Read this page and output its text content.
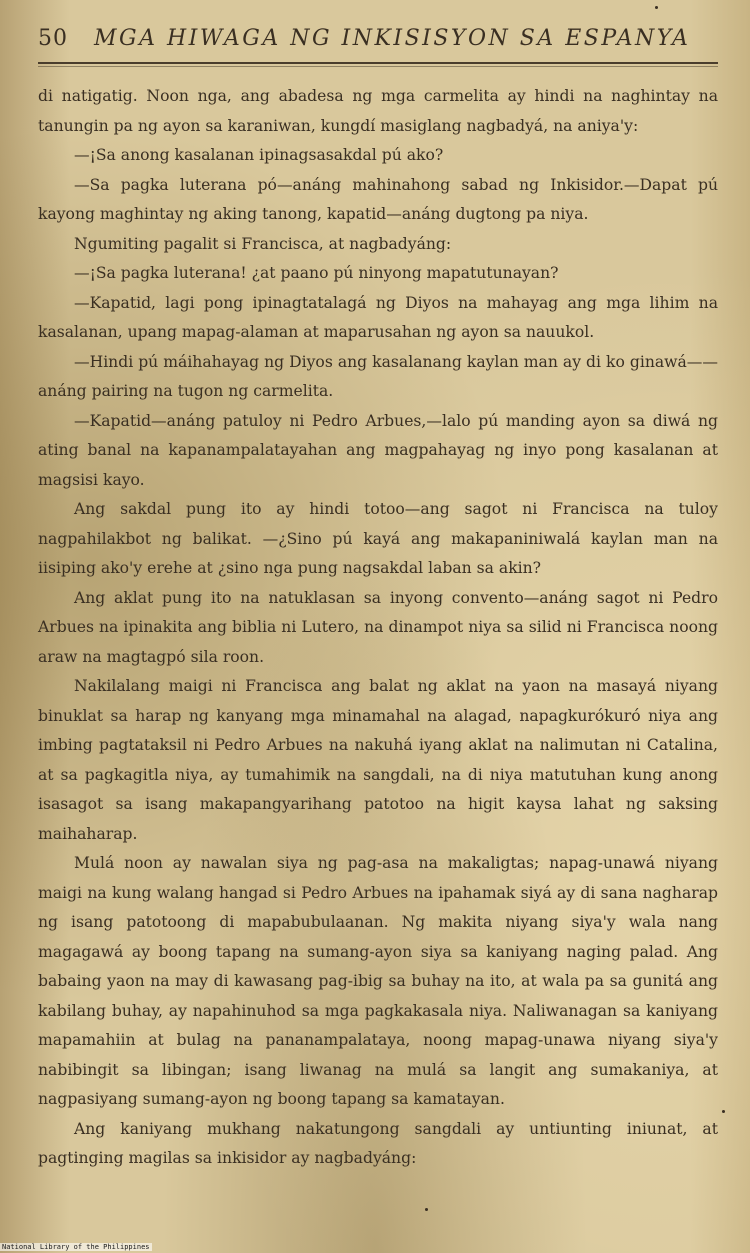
50 MGA HIWAGA NG INKISISYON SA ESPANYA

di natigatig. Noon nga, ang abadesa ng mga carmelita ay hindi na naghintay na tanungin pa ng ayon sa karaniwan, kungdí masiglang nagbadyá, na aniya'y:

—¡Sa anong kasalanan ipinagsasakdal pú ako?

—Sa pagka luterana pó—anáng mahinahong sabad ng Inkisidor.—Dapat pú kayong maghintay ng aking tanong, kapatid—anáng dugtong pa niya.

Ngumiting pagalit si Francisca, at nagbadyáng:

—¡Sa pagka luterana! ¿at paano pú ninyong mapatutunayan?

—Kapatid, lagi pong ipinagtatalagá ng Diyos na mahayag ang mga lihim na kasalanan, upang mapag-alaman at maparusahan ng ayon sa nauukol.

—Hindi pú máihahayag ng Diyos ang kasalanang kaylan man ay di ko ginawá——anáng pairing na tugon ng carmelita.

—Kapatid—anáng patuloy ni Pedro Arbues,—lalo pú manding ayon sa diwá ng ating banal na kapanampalatayahan ang magpahayag ng inyo pong kasalanan at magsisi kayo.

Ang sakdal pung ito ay hindi totoo—ang sagot ni Francisca na tuloy nagpahilakbot ng balikat. —¿Sino pú kayá ang makapaniniwalá kaylan man na iisiping ako'y erehe at ¿sino nga pung nagsakdal laban sa akin?

Ang aklat pung ito na natuklasan sa inyong convento—anáng sagot ni Pedro Arbues na ipinakita ang biblia ni Lutero, na dinampot niya sa silid ni Francisca noong araw na magtagpó sila roon.

Nakilalang maigi ni Francisca ang balat ng aklat na yaon na masayá niyang binuklat sa harap ng kanyang mga minamahal na alagad, napagkurókuró niya ang imbing pagtataksil ni Pedro Arbues na nakuhá iyang aklat na nalimutan ni Catalina, at sa pagkagitla niya, ay tumahimik na sangdali, na di niya matutuhan kung anong isasagot sa isang makapangyarihang patotoo na higit kaysa lahat ng saksing maihaharap.

Mulá noon ay nawalan siya ng pag-asa na makaligtas; napag-unawá niyang maigi na kung walang hangad si Pedro Arbues na ipahamak siyá ay di sana nagharap ng isang patotoong di mapabubulaanan. Ng makita niyang siya'y wala nang magagawá ay boong tapang na sumang-ayon siya sa kaniyang naging palad. Ang babaing yaon na may di kawasang pag-ibig sa buhay na ito, at wala pa sa gunitá ang kabilang buhay, ay napahinuhod sa mga pagkakasala niya. Naliwanagan sa kaniyang mapamahiin at bulag na pananampalataya, noong mapag-unawa niyang siya'y nabibingit sa libingan; isang liwanag na mulá sa langit ang sumakaniya, at nagpasiyang sumang-ayon ng boong tapang sa kamatayan.

Ang kaniyang mukhang nakatungong sangdali ay untiunting iniunat, at pagtinging magilas sa inkisidor ay nagbadyáng:

National Library of the Philippines
